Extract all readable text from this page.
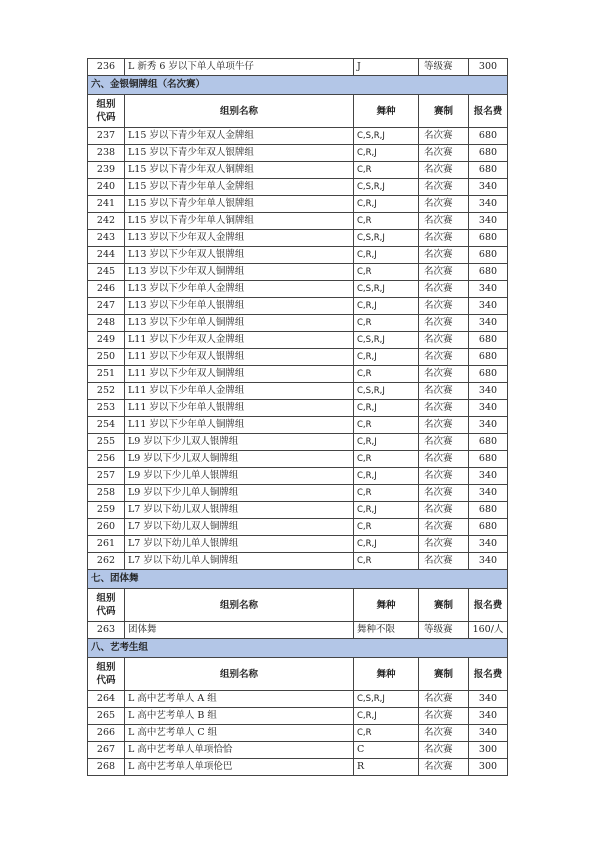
236	L 新秀 6 岁以下单人单项牛仔	J	等级赛	300
六、金银铜牌组（名次赛）				

组别
代码	组别名称	舞种	赛制	报名费
237	L15 岁以下青少年双人金牌组	C,S,R,J	名次赛	680
238	L15 岁以下青少年双人银牌组	C,R,J	名次赛	680
239	L15 岁以下青少年双人铜牌组	C,R	名次赛	680
240	L15 岁以下青少年单人金牌组	C,S,R,J	名次赛	340
241	L15 岁以下青少年单人银牌组	C,R,J	名次赛	340
242	L15 岁以下青少年单人铜牌组	C,R	名次赛	340
243	L13 岁以下少年双人金牌组	C,S,R,J	名次赛	680
244	L13 岁以下少年双人银牌组	C,R,J	名次赛	680
245	L13 岁以下少年双人铜牌组	C,R	名次赛	680
246	L13 岁以下少年单人金牌组	C,S,R,J	名次赛	340
247	L13 岁以下少年单人银牌组	C,R,J	名次赛	340
248	L13 岁以下少年单人铜牌组	C,R	名次赛	340
249	L11 岁以下少年双人金牌组	C,S,R,J	名次赛	680
250	L11 岁以下少年双人银牌组	C,R,J	名次赛	680
251	L11 岁以下少年双人铜牌组	C,R	名次赛	680
252	L11 岁以下少年单人金牌组	C,S,R,J	名次赛	340
253	L11 岁以下少年单人银牌组	C,R,J	名次赛	340
254	L11 岁以下少年单人铜牌组	C,R	名次赛	340
255	L9 岁以下少儿双人银牌组	C,R,J	名次赛	680
256	L9 岁以下少儿双人铜牌组	C,R	名次赛	680
257	L9 岁以下少儿单人银牌组	C,R,J	名次赛	340
258	L9 岁以下少儿单人铜牌组	C,R	名次赛	340
259	L7 岁以下幼儿双人银牌组	C,R,J	名次赛	680
260	L7 岁以下幼儿双人铜牌组	C,R	名次赛	680
261	L7 岁以下幼儿单人银牌组	C,R,J	名次赛	340
262	L7 岁以下幼儿单人铜牌组	C,R	名次赛	340
七、团体舞				

组别
代码	组别名称	舞种	赛制	报名费
263	团体舞	舞种不限	等级赛	160/人
八、艺考生组				

组别
代码	组别名称	舞种	赛制	报名费
264	L 高中艺考单人 A 组	C,S,R,J	名次赛	340
265	L 高中艺考单人 B 组	C,R,J	名次赛	340
266	L 高中艺考单人 C 组	C,R	名次赛	340
267	L 高中艺考单人单项恰恰	C	名次赛	300
268	L 高中艺考单人单项伦巴	R	名次赛	300
